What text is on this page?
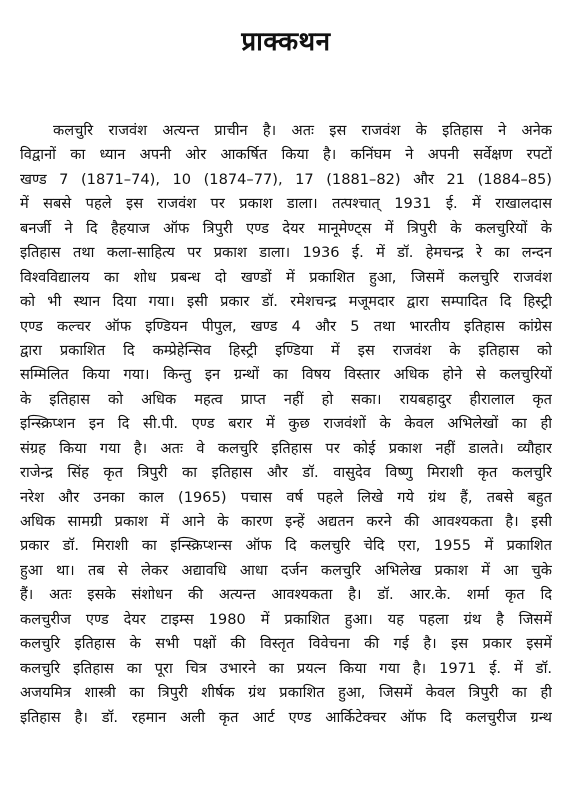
प्राक्कथन
कलचुरि राजवंश अत्यन्त प्राचीन है। अतः इस राजवंश के इतिहास ने अनेक
विद्वानों का ध्यान अपनी ओर आकर्षित किया है। कनिंघम ने अपनी सर्वेक्षण रपटों
खण्ड 7 (1871–74), 10 (1874–77), 17 (1881–82) और 21 (1884–85)
में सबसे पहले इस राजवंश पर प्रकाश डाला। तत्पश्चात् 1931 ई. में राखालदास
बनर्जी ने दि हैहयाज ऑफ त्रिपुरी एण्ड देयर मानूमेण्ट्स में त्रिपुरी के कलचुरियों के
इतिहास तथा कला-साहित्य पर प्रकाश डाला। 1936 ई. में डॉ. हेमचन्द्र रे का लन्दन
विश्वविद्यालय का शोध प्रबन्ध दो खण्डों में प्रकाशित हुआ, जिसमें कलचुरि राजवंश
को भी स्थान दिया गया। इसी प्रकार डॉ. रमेशचन्द्र मजूमदार द्वारा सम्पादित दि हिस्ट्री
एण्ड कल्चर ऑफ इण्डियन पीपुल, खण्ड 4 और 5 तथा भारतीय इतिहास कांग्रेस
द्वारा प्रकाशित दि कम्प्रेहेन्सिव हिस्ट्री इण्डिया में इस राजवंश के इतिहास को
सम्मिलित किया गया। किन्तु इन ग्रन्थों का विषय विस्तार अधिक होने से कलचुरियों
के इतिहास को अधिक महत्व प्राप्त नहीं हो सका। रायबहादुर हीरालाल कृत
इन्स्क्रिप्शन इन दि सी.पी. एण्ड बरार में कुछ राजवंशों के केवल अभिलेखों का ही
संग्रह किया गया है। अतः वे कलचुरि इतिहास पर कोई प्रकाश नहीं डालते। व्यौहार
राजेन्द्र सिंह कृत त्रिपुरी का इतिहास और डॉ. वासुदेव विष्णु मिराशी कृत कलचुरि
नरेश और उनका काल (1965) पचास वर्ष पहले लिखे गये ग्रंथ हैं, तबसे बहुत
अधिक सामग्री प्रकाश में आने के कारण इन्हें अद्यतन करने की आवश्यकता है। इसी
प्रकार डॉ. मिराशी का इन्स्क्रिप्शन्स ऑफ दि कलचुरि चेदि एरा, 1955 में प्रकाशित
हुआ था। तब से लेकर अद्यावधि आधा दर्जन कलचुरि अभिलेख प्रकाश में आ चुके
हैं। अतः इसके संशोधन की अत्यन्त आवश्यकता है। डॉ. आर.के. शर्मा कृत दि
कलचुरीज एण्ड देयर टाइम्स 1980 में प्रकाशित हुआ। यह पहला ग्रंथ है जिसमें
कलचुरि इतिहास के सभी पक्षों की विस्तृत विवेचना की गई है। इस प्रकार इसमें
कलचुरि इतिहास का पूरा चित्र उभारने का प्रयत्न किया गया है। 1971 ई. में डॉ.
अजयमित्र शास्त्री का त्रिपुरी शीर्षक ग्रंथ प्रकाशित हुआ, जिसमें केवल त्रिपुरी का ही
इतिहास है। डॉ. रहमान अली कृत आर्ट एण्ड आर्किटेक्चर ऑफ दि कलचुरीज ग्रन्थ
